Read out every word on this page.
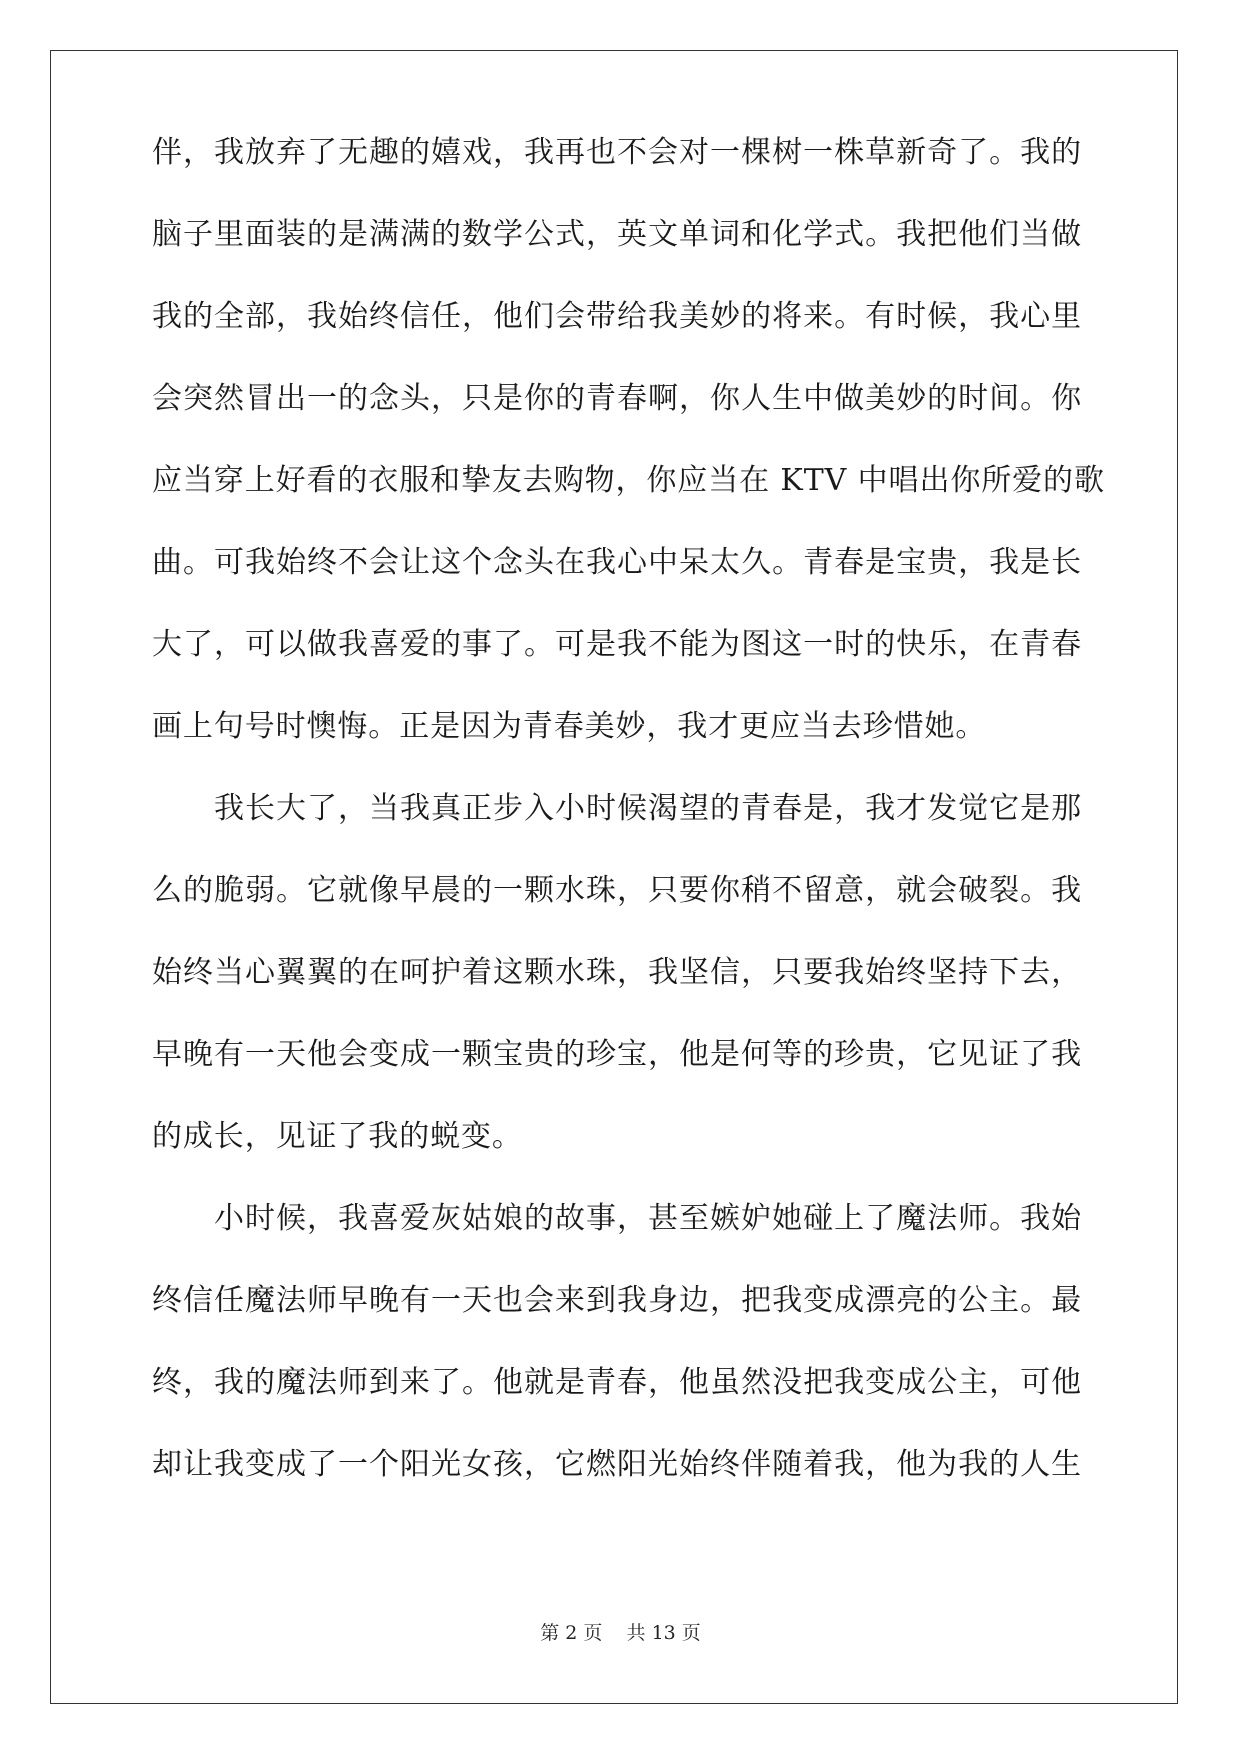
伴，我放弃了无趣的嬉戏，我再也不会对一棵树一株草新奇了。我的
脑子里面装的是满满的数学公式，英文单词和化学式。我把他们当做
我的全部，我始终信任，他们会带给我美妙的将来。有时候，我心里
会突然冒出一的念头，只是你的青春啊，你人生中做美妙的时间。你
应当穿上好看的衣服和挚友去购物，你应当在 KTV 中唱出你所爱的歌
曲。可我始终不会让这个念头在我心中呆太久。青春是宝贵，我是长
大了，可以做我喜爱的事了。可是我不能为图这一时的快乐，在青春
画上句号时懊悔。正是因为青春美妙，我才更应当去珍惜她。
我长大了，当我真正步入小时候渴望的青春是，我才发觉它是那
么的脆弱。它就像早晨的一颗水珠，只要你稍不留意，就会破裂。我
始终当心翼翼的在呵护着这颗水珠，我坚信，只要我始终坚持下去，
早晚有一天他会变成一颗宝贵的珍宝，他是何等的珍贵，它见证了我
的成长，见证了我的蜕变。
小时候，我喜爱灰姑娘的故事，甚至嫉妒她碰上了魔法师。我始
终信任魔法师早晚有一天也会来到我身边，把我变成漂亮的公主。最
终，我的魔法师到来了。他就是青春，他虽然没把我变成公主，可他
却让我变成了一个阳光女孩，它燃阳光始终伴随着我，他为我的人生
第 2 页    共 13 页
